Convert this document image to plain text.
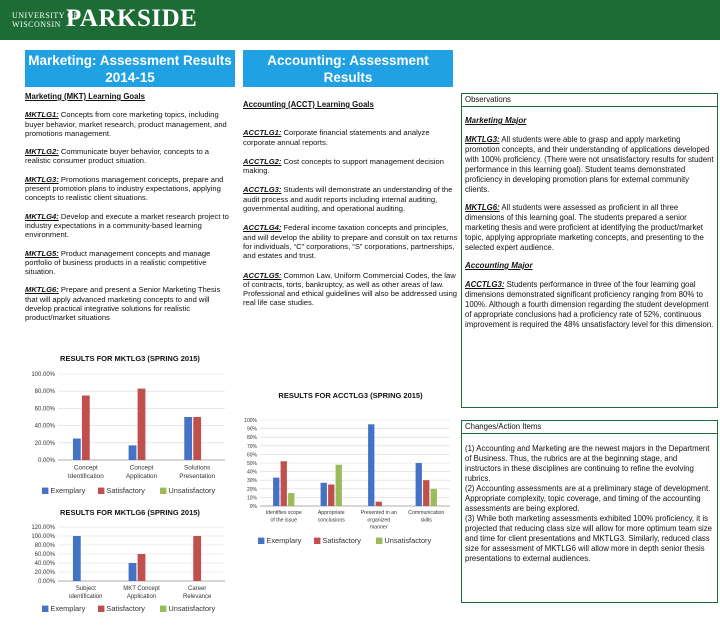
UNIVERSITY OF
WISCONSIN PARKSIDE
Marketing: Assessment Results
2014-15
Accounting: Assessment Results
2014-15
Marketing (MKT) Learning Goals
MKTLG1: Concepts from core marketing topics, including buyer behavior, market research, product management, and promotions management.
MKTLG2: Communicate buyer behavior, concepts to a realistic consumer product situation.
MKTLG3: Promotions management concepts, prepare and present promotion plans to industry expectations, applying concepts to realistic client situations.
MKTLG4: Develop and execute a market research project to industry expectations in a community-based learning environment.
MKTLG5: Product management concepts and manage portfolio of business products in a realistic competitive situation.
MKTLG6: Prepare and present a Senior Marketing Thesis that will apply advanced marketing concepts to and will develop practical integrative solutions for realistic product/market situations
Accounting (ACCT) Learning Goals
ACCTLG1: Corporate financial statements and analyze corporate annual reports.
ACCTLG2: Cost concepts to support management decision making.
ACCTLG3: Students will demonstrate an understanding of the audit process and audit reports including internal auditing, governmental auditing, and operational auditing.
ACCTLG4: Federal income taxation concepts and principles, and will develop the ability to prepare and consult on tax returns for individuals, “C” corporations, “S” corporations, partnerships, and estates and trust.
ACCTLG5: Common Law, Uniform Commercial Codes, the law of contracts, torts, bankruptcy, as well as other areas of law. Professional and ethical guidelines will also be addressed using real life case studies.
Observations
Marketing Major
MKTLG3: All students were able to grasp and apply marketing promotion concepts, and their understanding of applications developed with 100% proficiency. (There were not unsatisfactory results for student performance in this learning goal). Student teams demonstrated proficiency in developing promotion plans for external community clients.
MKTLG6: All students were assessed as proficient in all three dimensions of this learning goal. The students prepared a senior marketing thesis and were proficient at identifying the product/market topic, applying appropriate marketing concepts, and presenting to the selected expert audience.
Accounting Major
ACCTLG3: Students performance in three of the four learning goal dimensions demonstrated significant proficiency ranging from 80% to 100%. Although a fourth dimension regarding the student development of appropriate conclusions had a proficiency rate of 52%, continuous improvement is required the 48% unsatisfactory level for this dimension.
Changes/Action Items

(1) Accounting and Marketing are the newest majors in the Department of Business. Thus, the rubrics are at the beginning stage, and instructors in these disciplines are continuing to refine the evolving rubrics.

(2) Accounting assessments are at a preliminary stage of development. Appropriate complexity, topic coverage, and timing of the accounting assessments are being explored.

(3) While both marketing assessments exhibited 100% proficiency, it is projected that reducing class size will allow for more optimum team size and time for client presentations and MKTLG3. Similarly, reduced class size for assessment of MKTLG6 will allow more in depth senior thesis presentations to external audiences.

RESULTS FOR MKTLG3 (SPRING 2015)
0.00%
20.00%
40.00%
60.00%
80.00%
100.00%
Concept
Identification
Concept
Application
Solutions
Presentation
Exemplary	Satisfactory	Unsatisfactory
RESULTS FOR MKTLG6 (SPRING 2015)
0.00%
20.00%
40.00%
60.00%
80.00%
100.00%
120.00%
Subject
identification
MKT Concept
Application
Career
Relevance
Exemplary	Satisfactory	Unsatisfactory
RESULTS FOR ACCTLG3 (SPRING 2015)
0%
10%
20%
30%
40%
50%
60%
70%
80%
90%
100%
Identifies scope
of the issue
Appropriate
conclusions
Presented in an
organized
manner
Communication
skills
Exemplary	Satisfactory	Unsatisfactory
